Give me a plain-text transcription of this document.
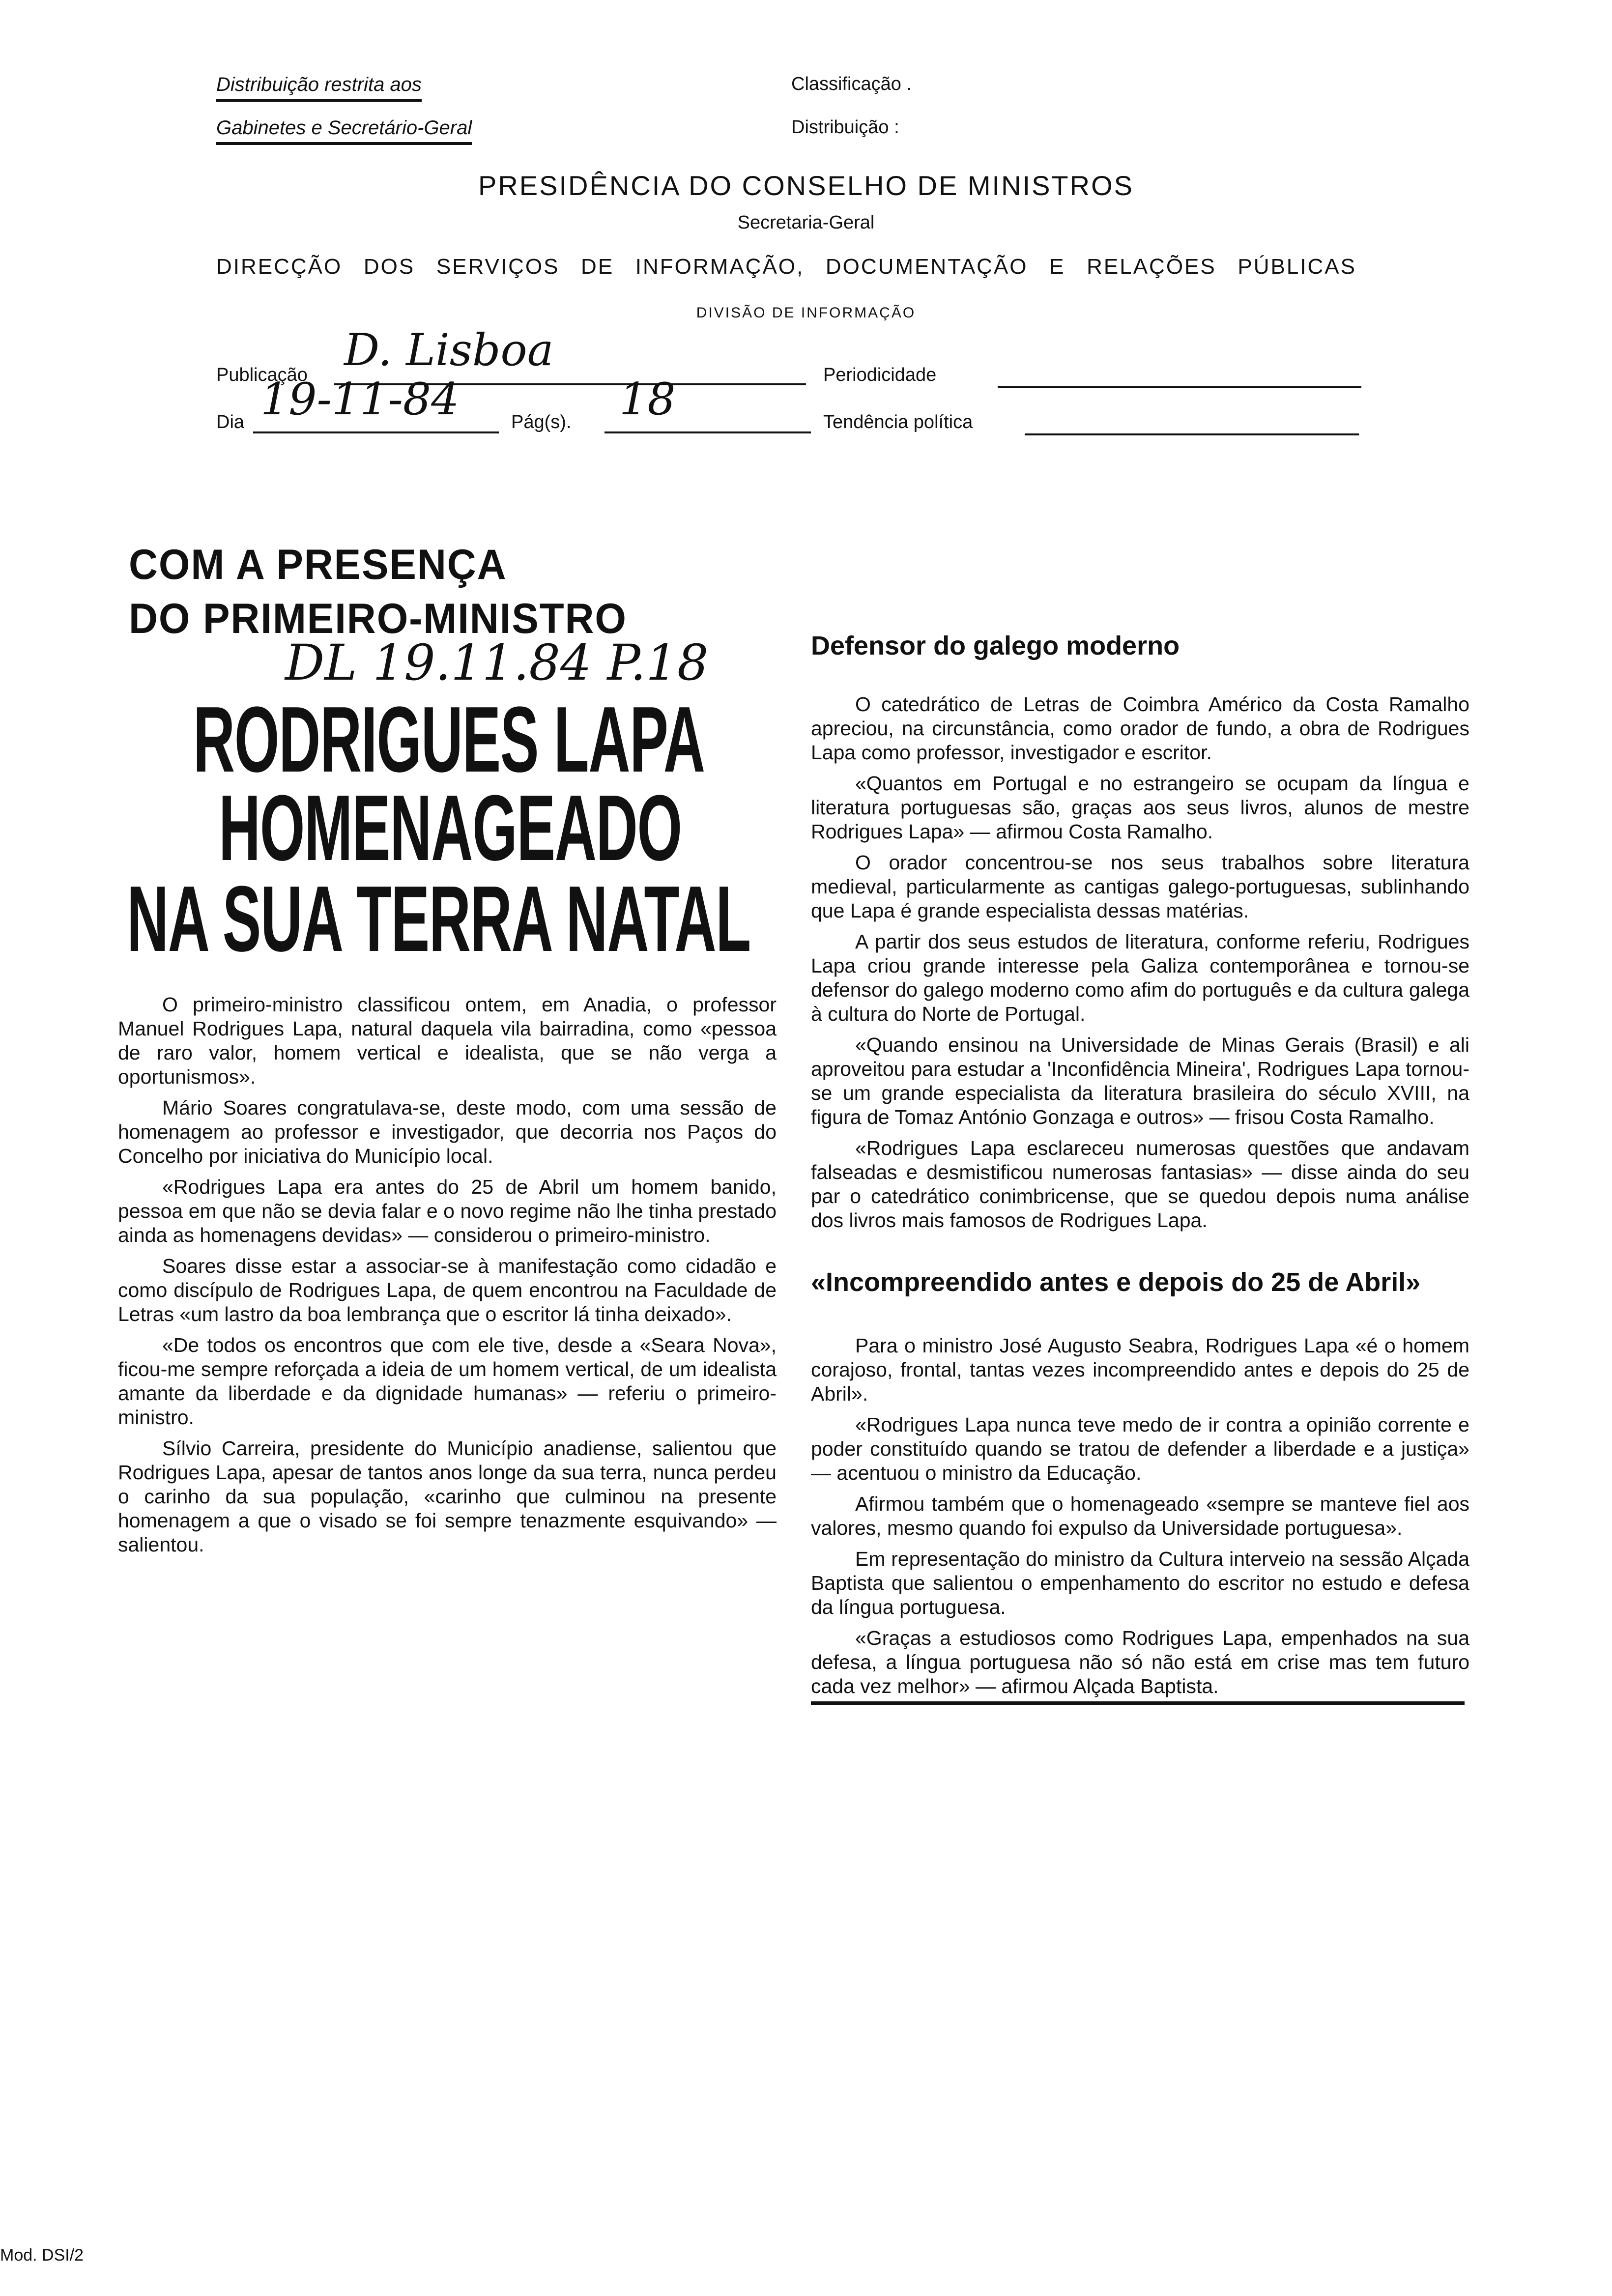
Distribuição restrita aos
Gabinetes e Secretário-Geral
Classificação .
Distribuição :
PRESIDÊNCIA DO CONSELHO DE MINISTROS
Secretaria-Geral
DIRECÇÃO DOS SERVIÇOS DE INFORMAÇÃO, DOCUMENTAÇÃO E RELAÇÕES PÚBLICAS
DIVISÃO DE INFORMAÇÃO
Publicação D. Lisboa	Periodicidade
Dia 19-11-84	Pág(s). 18	Tendência política
COM A PRESENÇA
DO PRIMEIRO-MINISTRO
DL 19.11.84 P.18
RODRIGUES LAPA
HOMENAGEADO
NA SUA TERRA NATAL

O primeiro-ministro classificou ontem, em Anadia, o professor Manuel Rodrigues Lapa, natural daquela vila bairradina, como «pessoa de raro valor, homem vertical e idealista, que se não verga a oportunismos».

Mário Soares congratulava-se, deste modo, com uma sessão de homenagem ao professor e investigador, que decorria nos Paços do Concelho por iniciativa do Município local.

«Rodrigues Lapa era antes do 25 de Abril um homem banido, pessoa em que não se devia falar e o novo regime não lhe tinha prestado ainda as homenagens devidas» — considerou o primeiro-ministro.

Soares disse estar a associar-se à manifestação como cidadão e como discípulo de Rodrigues Lapa, de quem encontrou na Faculdade de Letras «um lastro da boa lembrança que o escritor lá tinha deixado».

«De todos os encontros que com ele tive, desde a «Seara Nova», ficou-me sempre reforçada a ideia de um homem vertical, de um idealista amante da liberdade e da dignidade humanas» — referiu o primeiro-ministro.

Sílvio Carreira, presidente do Município anadiense, salientou que Rodrigues Lapa, apesar de tantos anos longe da sua terra, nunca perdeu o carinho da sua população, «carinho que culminou na presente homenagem a que o visado se foi sempre tenazmente esquivando» — salientou.

Defensor do galego moderno

O catedrático de Letras de Coimbra Américo da Costa Ramalho apreciou, na circunstância, como orador de fundo, a obra de Rodrigues Lapa como professor, investigador e escritor.

«Quantos em Portugal e no estrangeiro se ocupam da língua e literatura portuguesas são, graças aos seus livros, alunos de mestre Rodrigues Lapa» — afirmou Costa Ramalho.

O orador concentrou-se nos seus trabalhos sobre literatura medieval, particularmente as cantigas galego-portuguesas, sublinhando que Lapa é grande especialista dessas matérias.

A partir dos seus estudos de literatura, conforme referiu, Rodrigues Lapa criou grande interesse pela Galiza contemporânea e tornou-se defensor do galego moderno como afim do português e da cultura galega à cultura do Norte de Portugal.

«Quando ensinou na Universidade de Minas Gerais (Brasil) e ali aproveitou para estudar a 'Inconfidência Mineira', Rodrigues Lapa tornou-se um grande especialista da literatura brasileira do século XVIII, na figura de Tomaz António Gonzaga e outros» — frisou Costa Ramalho.

«Rodrigues Lapa esclareceu numerosas questões que andavam falseadas e desmistificou numerosas fantasias» — disse ainda do seu par o catedrático conimbricense, que se quedou depois numa análise dos livros mais famosos de Rodrigues Lapa.

«Incompreendido antes e depois do 25 de Abril»

Para o ministro José Augusto Seabra, Rodrigues Lapa «é o homem corajoso, frontal, tantas vezes incompreendido antes e depois do 25 de Abril».

«Rodrigues Lapa nunca teve medo de ir contra a opinião corrente e poder constituído quando se tratou de defender a liberdade e a justiça» — acentuou o ministro da Educação.

Afirmou também que o homenageado «sempre se manteve fiel aos valores, mesmo quando foi expulso da Universidade portuguesa».

Em representação do ministro da Cultura interveio na sessão Alçada Baptista que salientou o empenhamento do escritor no estudo e defesa da língua portuguesa.

«Graças a estudiosos como Rodrigues Lapa, empenhados na sua defesa, a língua portuguesa não só não está em crise mas tem futuro cada vez melhor» — afirmou Alçada Baptista.

Mod. DSI/2
